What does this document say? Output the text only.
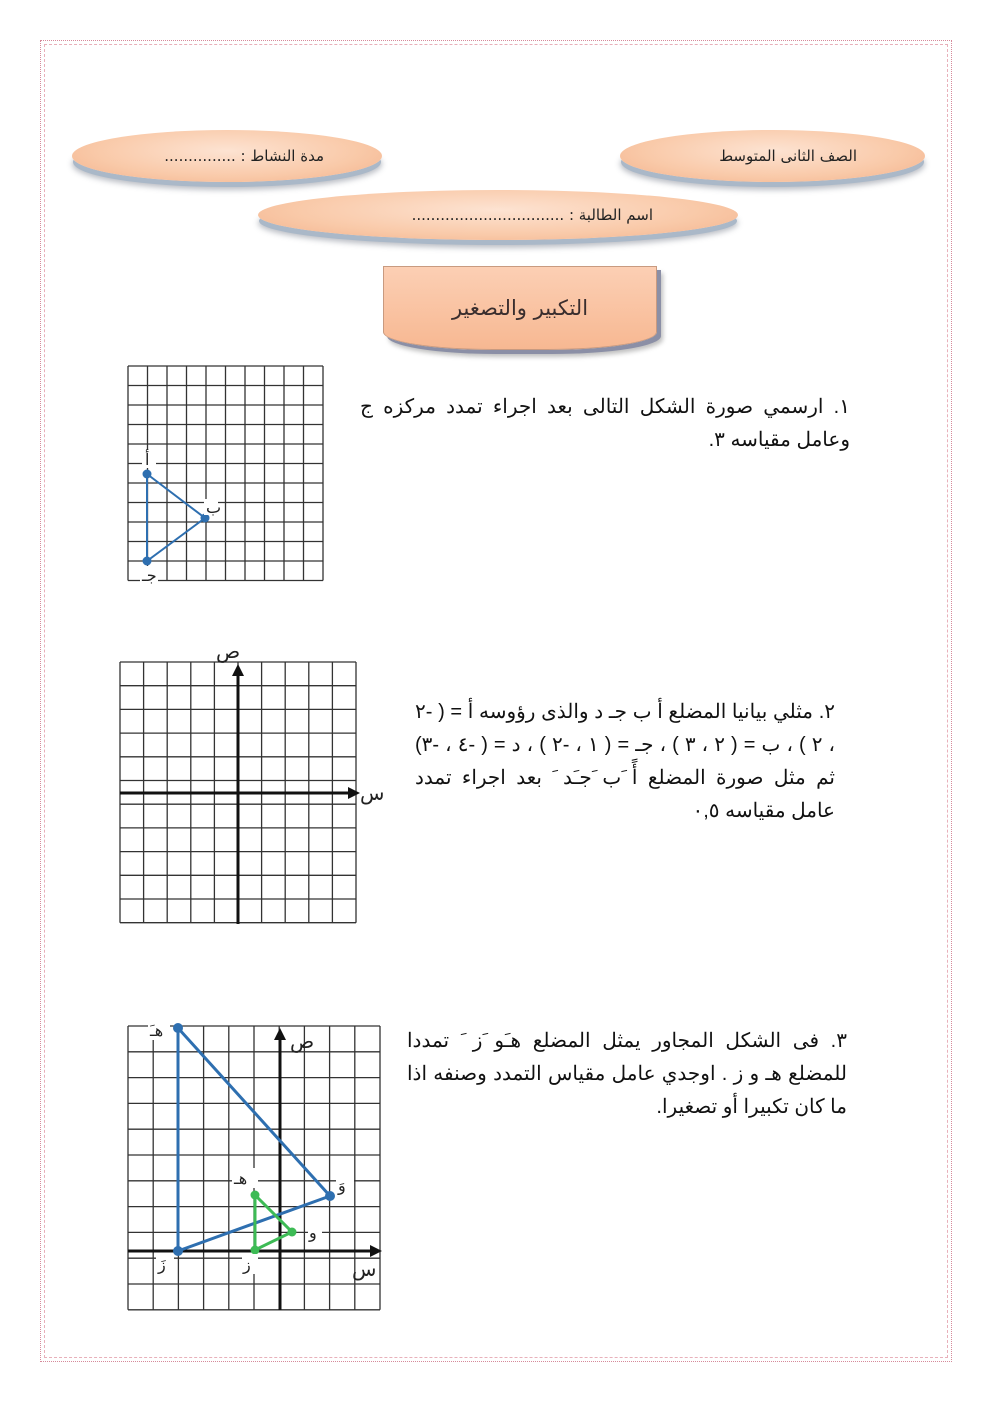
الصف الثانى المتوسط
مدة النشاط : ...............
اسم الطالبة : ................................
التكبير والتصغير
١. ارسمي صورة الشكل التالى بعد اجراء تمدد مركزه ج وعامل مقياسه ٣.
أ
ب
جـ
٢. مثلي بيانيا المضلع أ ب جـ د والذى رؤوسه أ = ( -٢ ، ٢ ) ، ب = ( ٢ ، ٣ ) ، جـ = ( ١ ، -٢ ) ، د = ( -٤ ، -٣) ثم مثل صورة المضلع أً َب َجـَد َ بعد اجراء تمدد عامل مقياسه ٠,٥
س
ص
٣. فى الشكل المجاور يمثل المضلع هـَو َز َ تمددا للمضلع هـ و ز . اوجدي عامل مقياس التمدد وصنفه اذا ما كان تكبيرا أو تصغيرا.
هـَ
وَ
زَ
هـ
و
ز
ص
س
